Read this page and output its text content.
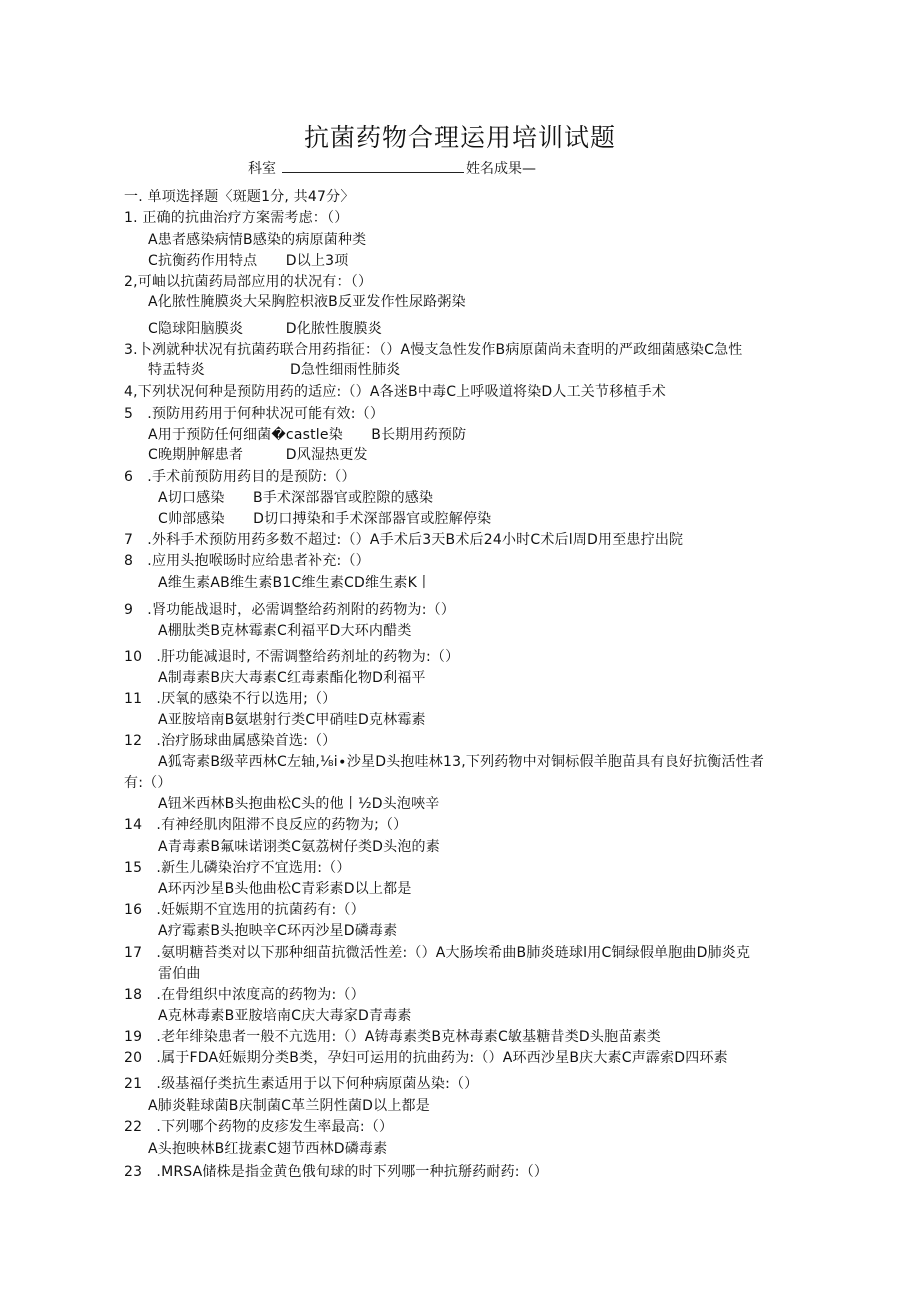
抗菌药物合理运用培训试题
科室	姓名成果—
一. 单项选择题〈斑题1分, 共47分〉
1. 正确的抗曲治疗方案需考虑：（）
A患者感染病情B感染的病原菌种类
C抗衡药作用特点　　D以上3项
2,可岫以抗菌药局部应用的状况有：（）
A化脓性腌膜炎大呆胸腔枳液B反亚发作性尿路粥染
C隐球阳脑膜炎　　　D化脓性腹膜炎
3.卜冽就种状况有抗菌药联合用药指征：（）A慢支急性发作B病原菌尚未査明的严政细菌感染C急性
特盂特炎　　　　　　D急性细雨性肺炎
4,下列状况何种是预防用药的适应:（）A各迷B中毒C上呼吸道将染D人工关节移植手术
5　.预防用药用于何种状况可能有效:（）
A用于预防任何细菌�castle染　　B长期用药预防
C晚期肿解患者　　　D风湿热更发
6　.手术前预防用药目的是预防:（）
A切口感染　　B手术深部器官或腔隙的感染
C帅部感染　　D切口搏染和手术深部器官或腔解停染
7　.外科手术预防用药多数不超过:（）A手术后3天B术后24小时C术后l周D用至患拧出院
8　.应用头抱喉旸时应给患者补充:（）
A维生素AB维生素B1C维生素CD维生素K丨
9　.肾功能战退时，必需调整给药剂附的药物为:（）
A棚肽类B克林霉素C利福平D大环内醋类
10　.肝功能减退时, 不需调整给药剂址的药物为:（）
A制毒素B庆大毒素C红毒素酯化物D利福平
11　.厌氧的感染不行以选用;（）
A亚胺培南B氨堪射行类C甲硝哇D克林霉素
12　.治疗肠球曲属感染首选:（）
A狐寄素B级苹西林C左轴,⅛i∙沙星D头抱哇林13,下列药物中对铜标假羊胞苗具有良好抗衡活性者
有:（）
A钮米西林B头抱曲松C头的他丨½D头泡唊辛
14　.有神经肌肉阻滞不良反应的药物为;（）
A青毒素B氟味诺诩类C氨荔树仔类D头泡的素
15　.新生儿磷染治疗不宜选用:（）
A环丙沙星B头他曲松C青彩素D以上都是
16　.妊娠期不宜选用的抗菌药有:（）
A疗霉素B头抱映辛C环丙沙星D磷毒素
17　.氨明糖苔类对以下那种细苗抗微活性差:（）A大肠埃希曲B肺炎琏球l用C铜绿假单胞曲D肺炎克
雷伯曲
18　.在骨组织中浓度高的药物为:（）
A克林毒素B亚胺培南C庆大毒家D青毒素
19　.老年绯染患者一般不亢选用:（）A铸毒素类B克林毒素C敏基糖昔类D头胞苗素类
20　.属于FDA妊娠期分类B类，孕妇可运用的抗曲药为:（）A环西沙星B庆大素C声霹索D四环素
21　.级基福仔类抗生素适用于以下何种病原菌丛染:（）
A肺炎鞋球菌B庆制菌C革兰阴性菌D以上都是
22　.下列哪个药物的皮疹发生率最高:（）
A头抱映林B红拢素C翅节西林D磷毒素
23　.MRSA储株是指金黄色俄旬球的时下列哪一种抗掰药耐药:（）
